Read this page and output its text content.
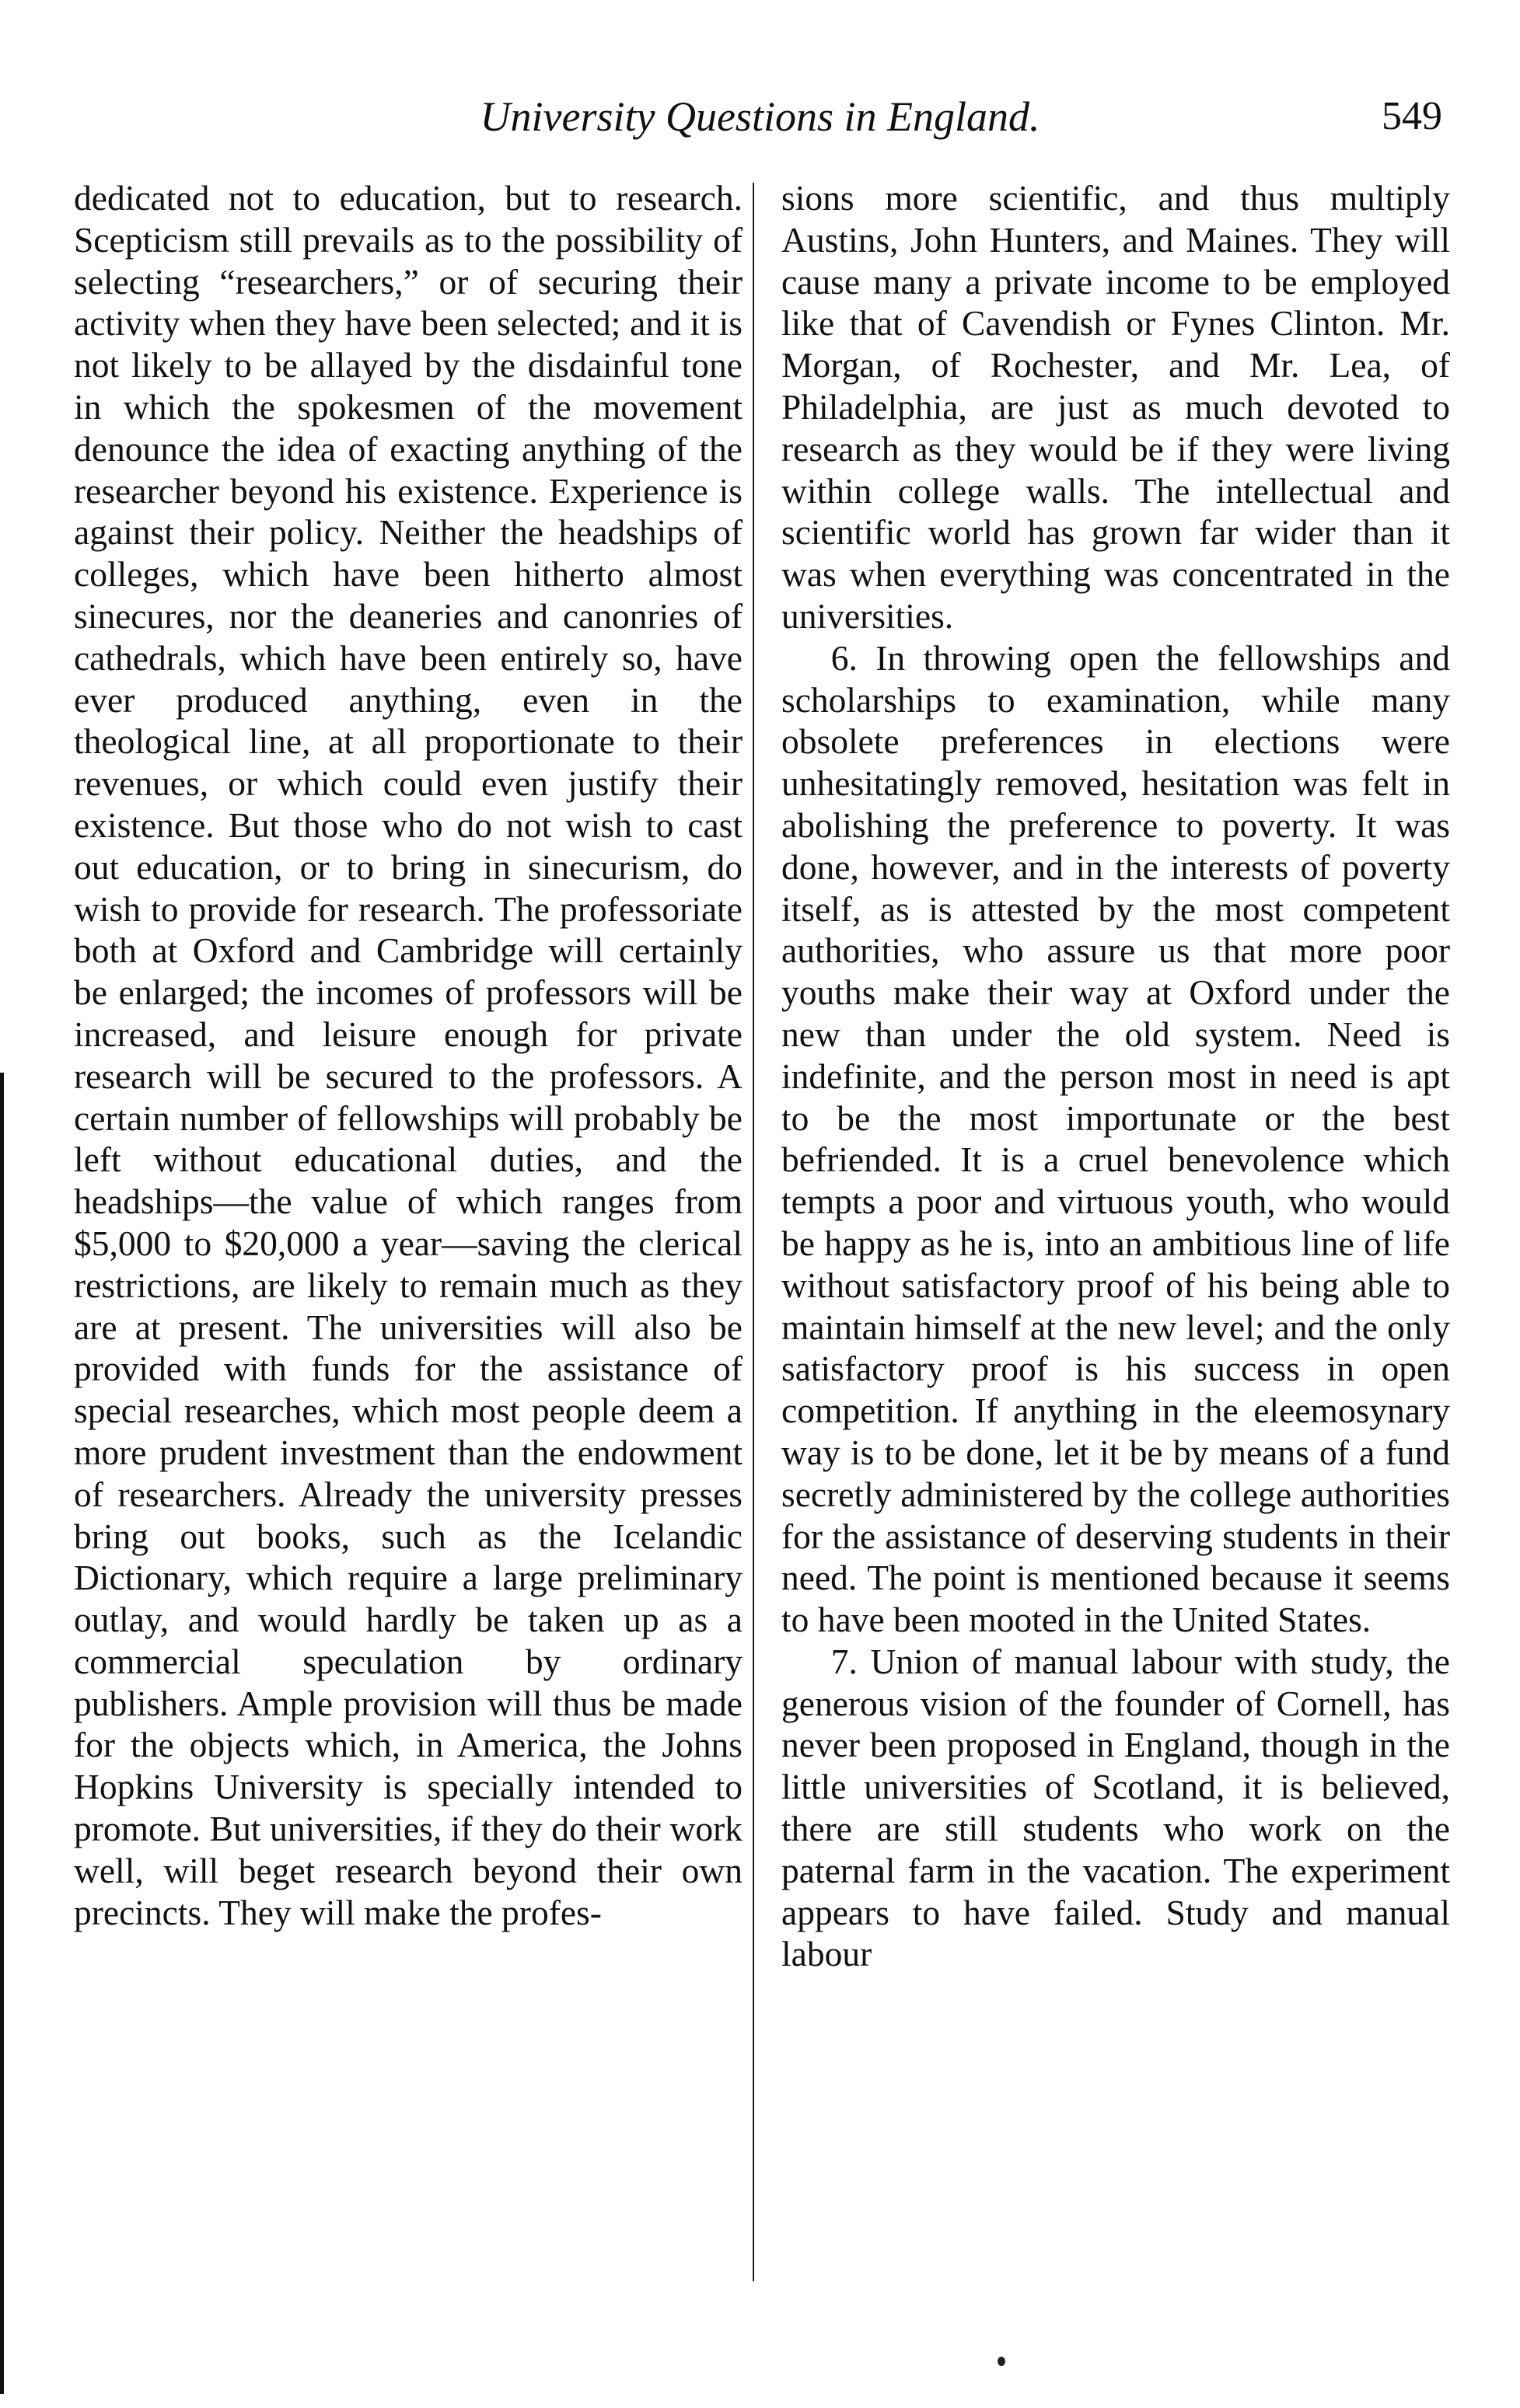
University Questions in England.	549

dedicated not to education, but to research. Scepticism still prevails as to the possibility of selecting “researchers,” or of securing their activity when they have been selected; and it is not likely to be allayed by the disdainful tone in which the spokesmen of the movement denounce the idea of exacting anything of the researcher beyond his existence. Experience is against their policy. Neither the headships of colleges, which have been hitherto almost sinecures, nor the deaneries and canonries of cathedrals, which have been entirely so, have ever produced anything, even in the theological line, at all proportionate to their revenues, or which could even justify their existence. But those who do not wish to cast out education, or to bring in sinecurism, do wish to provide for research. The professoriate both at Oxford and Cambridge will certainly be enlarged; the incomes of professors will be increased, and leisure enough for private research will be secured to the professors. A certain number of fellowships will probably be left without educational duties, and the headships—the value of which ranges from $5,000 to $20,000 a year—saving the clerical restrictions, are likely to remain much as they are at present. The universities will also be provided with funds for the assistance of special researches, which most people deem a more prudent investment than the endowment of researchers. Already the university presses bring out books, such as the Icelandic Dictionary, which require a large preliminary outlay, and would hardly be taken up as a commercial speculation by ordinary publishers. Ample provision will thus be made for the objects which, in America, the Johns Hopkins University is specially intended to promote. But universities, if they do their work well, will beget research beyond their own precincts. They will make the profes-

sions more scientific, and thus multiply Austins, John Hunters, and Maines. They will cause many a private income to be employed like that of Cavendish or Fynes Clinton. Mr. Morgan, of Rochester, and Mr. Lea, of Philadelphia, are just as much devoted to research as they would be if they were living within college walls. The intellectual and scientific world has grown far wider than it was when everything was concentrated in the universities.

6. In throwing open the fellowships and scholarships to examination, while many obsolete preferences in elections were unhesitatingly removed, hesitation was felt in abolishing the preference to poverty. It was done, however, and in the interests of poverty itself, as is attested by the most competent authorities, who assure us that more poor youths make their way at Oxford under the new than under the old system. Need is indefinite, and the person most in need is apt to be the most importunate or the best befriended. It is a cruel benevolence which tempts a poor and virtuous youth, who would be happy as he is, into an ambitious line of life without satisfactory proof of his being able to maintain himself at the new level; and the only satisfactory proof is his success in open competition. If anything in the eleemosynary way is to be done, let it be by means of a fund secretly administered by the college authorities for the assistance of deserving students in their need. The point is mentioned because it seems to have been mooted in the United States.

7. Union of manual labour with study, the generous vision of the founder of Cornell, has never been proposed in England, though in the little universities of Scotland, it is believed, there are still students who work on the paternal farm in the vacation. The experiment appears to have failed. Study and manual labour
